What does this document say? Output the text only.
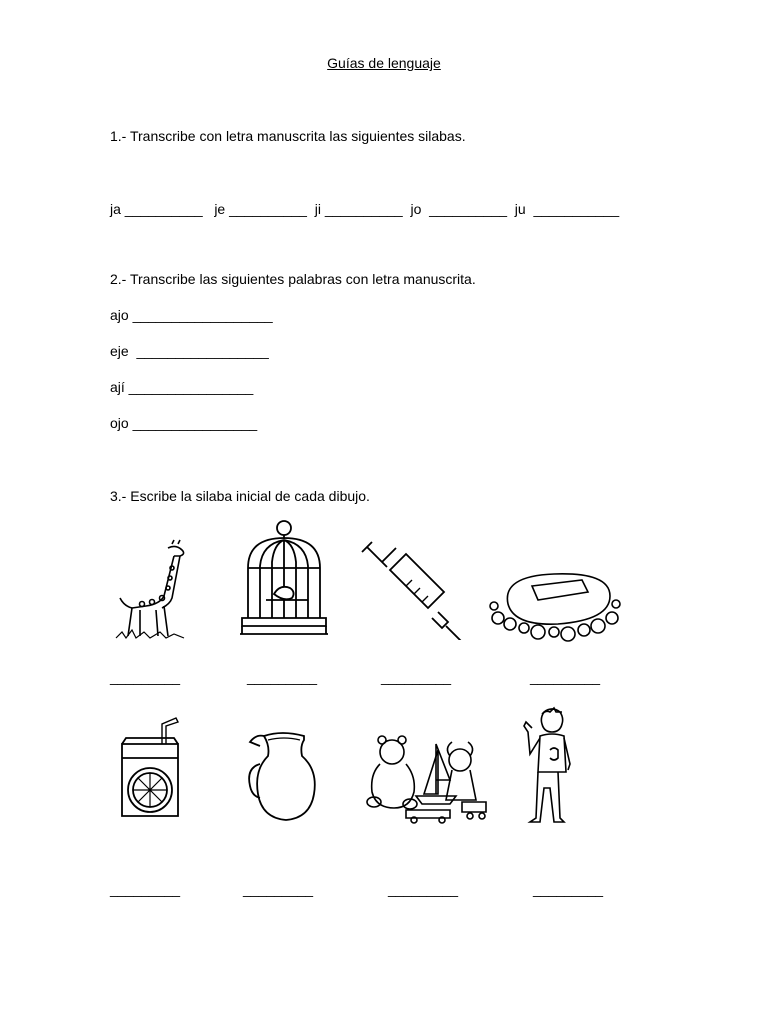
Guías de lenguaje
1.- Transcribe con letra manuscrita las siguientes silabas.
ja __________   je __________  ji __________  jo  __________  ju  ___________
2.- Transcribe las siguientes palabras con letra manuscrita.
ajo __________________
eje  _________________
ají ________________
ojo ________________
3.- Escribe la silaba inicial de cada dibujo.
_________	_________	_________	_________
_________	_________	_________	_________
